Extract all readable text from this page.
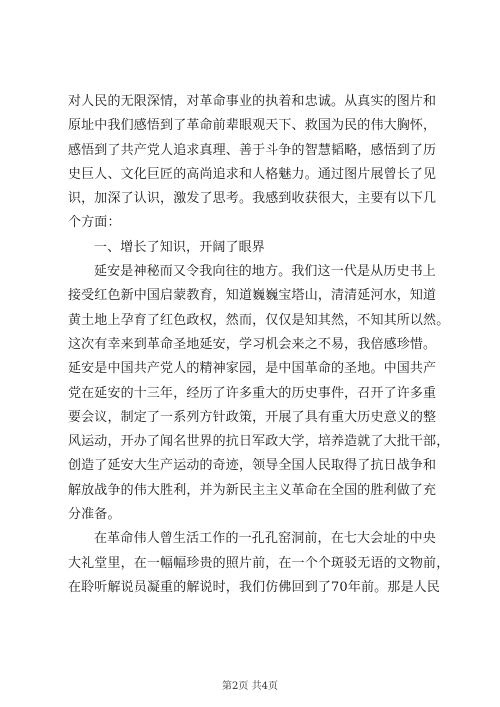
对人民的无限深情，对革命事业的执着和忠诚。从真实的图片和
原址中我们感悟到了革命前辈眼观天下、救国为民的伟大胸怀，
感悟到了共产党人追求真理、善于斗争的智慧韬略，感悟到了历
史巨人、文化巨匠的高尚追求和人格魅力。通过图片展曾长了见
识，加深了认识，激发了思考。我感到收获很大，主要有以下几
个方面：
一、增长了知识，开阔了眼界
延安是神秘而又令我向往的地方。我们这一代是从历史书上
接受红色新中国启蒙教育，知道巍巍宝塔山，清清延河水，知道
黄土地上孕育了红色政权，然而，仅仅是知其然，不知其所以然。
这次有幸来到革命圣地延安，学习机会来之不易，我倍感珍惜。
延安是中国共产党人的精神家园，是中国革命的圣地。中国共产
党在延安的十三年，经历了许多重大的历史事件，召开了许多重
要会议，制定了一系列方针政策，开展了具有重大历史意义的整
风运动，开办了闻名世界的抗日军政大学，培养造就了大批干部，
创造了延安大生产运动的奇迹，领导全国人民取得了抗日战争和
解放战争的伟大胜利，并为新民主主义革命在全国的胜利做了充
分准备。
在革命伟人曾生活工作的一孔孔窑洞前，在七大会址的中央
大礼堂里，在一幅幅珍贵的照片前，在一个个斑驳无语的文物前，
在聆听解说员凝重的解说时，我们仿佛回到了70年前。那是人民
第2页 共4页
